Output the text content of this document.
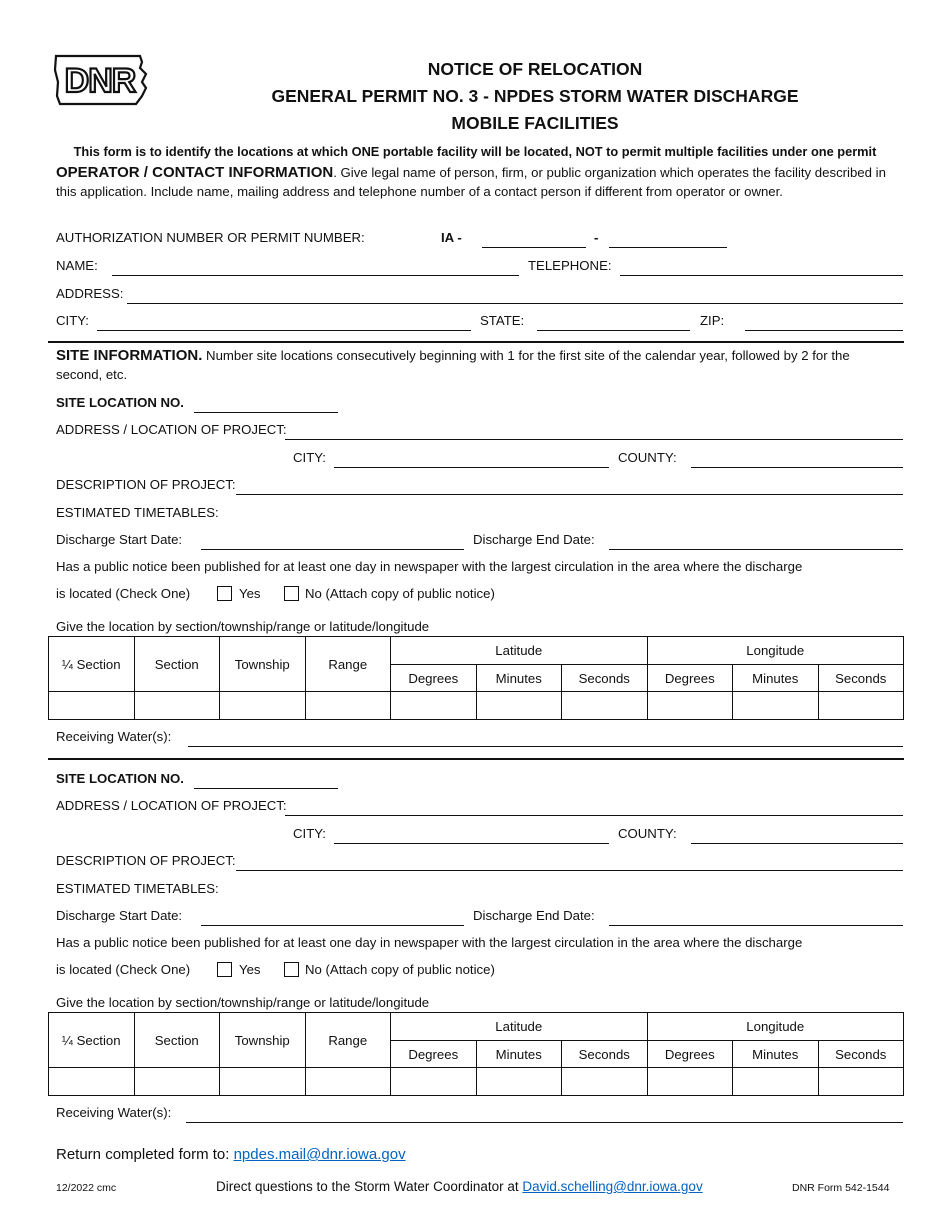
DNR	NOTICE OF RELOCATION
GENERAL PERMIT NO. 3 - NPDES STORM WATER DISCHARGE
MOBILE FACILITIES
This form is to identify the locations at which ONE portable facility will be located, NOT to permit multiple facilities under one permit
OPERATOR / CONTACT INFORMATION. Give legal name of person, firm, or public organization which operates the facility described in this application. Include name, mailing address and telephone number of a contact person if different from operator or owner.
AUTHORIZATION NUMBER OR PERMIT NUMBER:	IA -	-
NAME:	TELEPHONE:
ADDRESS:
CITY:	STATE:	ZIP:
SITE INFORMATION. Number site locations consecutively beginning with 1 for the first site of the calendar year, followed by 2 for the second, etc.
SITE LOCATION NO.
ADDRESS / LOCATION OF PROJECT:
CITY:	COUNTY:
DESCRIPTION OF PROJECT:
ESTIMATED TIMETABLES:
Discharge Start Date:	Discharge End Date:
Has a public notice been published for at least one day in newspaper with the largest circulation in the area where the discharge
is located (Check One)	Yes	No (Attach copy of public notice)
Give the location by section/township/range or latitude/longitude
¼ Section	Section	Township	Range	Latitude			Longitude		
				Degrees	Minutes	Seconds	Degrees	Minutes	Seconds

Receiving Water(s):
SITE LOCATION NO.
ADDRESS / LOCATION OF PROJECT:
CITY:	COUNTY:
DESCRIPTION OF PROJECT:
ESTIMATED TIMETABLES:
Discharge Start Date:	Discharge End Date:
Has a public notice been published for at least one day in newspaper with the largest circulation in the area where the discharge
is located (Check One)	Yes	No (Attach copy of public notice)
Give the location by section/township/range or latitude/longitude
¼ Section	Section	Township	Range	Latitude			Longitude		
				Degrees	Minutes	Seconds	Degrees	Minutes	Seconds

Receiving Water(s):
Return completed form to: npdes.mail@dnr.iowa.gov
12/2022 cmc	Direct questions to the Storm Water Coordinator at David.schelling@dnr.iowa.gov	DNR Form 542-1544
